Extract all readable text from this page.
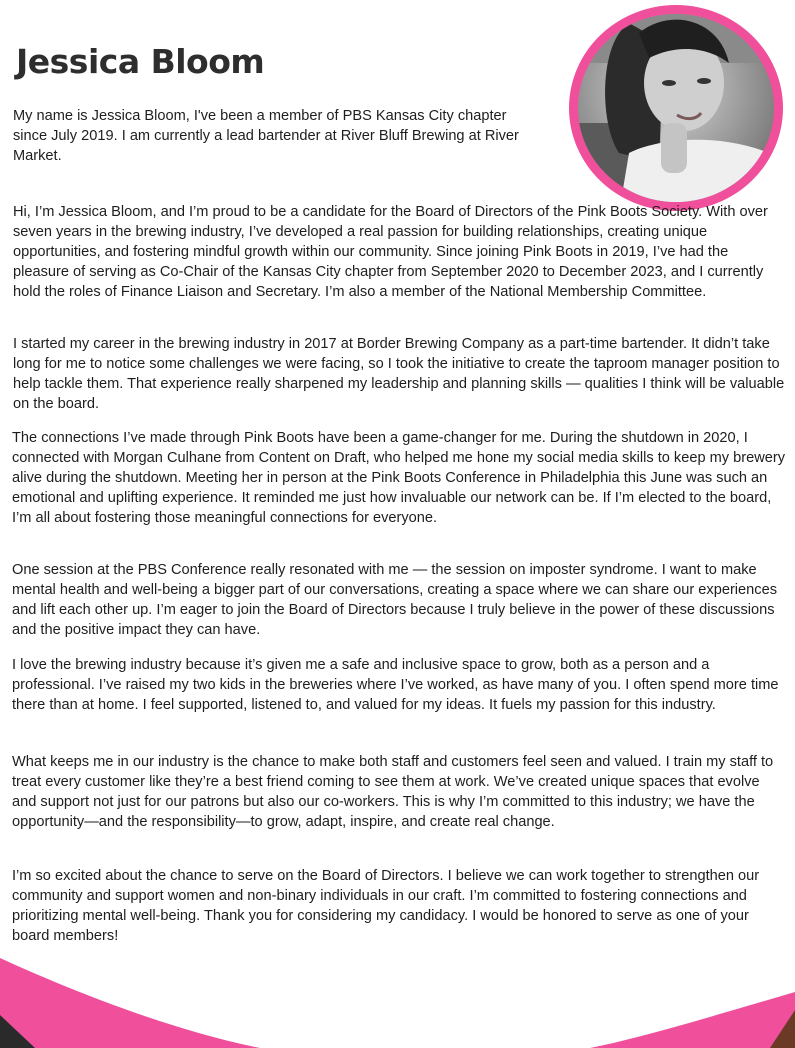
Jessica Bloom

My name is Jessica Bloom, I've been a member of PBS Kansas City chapter since July 2019. I am currently a lead bartender at River Bluff Brewing at River Market.

Hi, I’m Jessica Bloom, and I’m proud to be a candidate for the Board of Directors of the Pink Boots Society. With over seven years in the brewing industry, I’ve developed a real passion for building relationships, creating unique opportunities, and fostering mindful growth within our community. Since joining Pink Boots in 2019, I’ve had the pleasure of serving as Co-Chair of the Kansas City chapter from September 2020 to December 2023, and I currently hold the roles of Finance Liaison and Secretary. I’m also a member of the National Membership Committee.

I started my career in the brewing industry in 2017 at Border Brewing Company as a part-time bartender. It didn’t take long for me to notice some challenges we were facing, so I took the initiative to create the taproom manager position to help tackle them. That experience really sharpened my leadership and planning skills — qualities I think will be valuable on the board.

The connections I’ve made through Pink Boots have been a game-changer for me. During the shutdown in 2020, I connected with Morgan Culhane from Content on Draft, who helped me hone my social media skills to keep my brewery alive during the shutdown. Meeting her in person at the Pink Boots Conference in Philadelphia this June was such an emotional and uplifting experience. It reminded me just how invaluable our network can be. If I’m elected to the board, I’m all about fostering those meaningful connections for everyone.

One session at the PBS Conference really resonated with me — the session on imposter syndrome. I want to make mental health and well-being a bigger part of our conversations, creating a space where we can share our experiences and lift each other up. I’m eager to join the Board of Directors because I truly believe in the power of these discussions and the positive impact they can have.

I love the brewing industry because it’s given me a safe and inclusive space to grow, both as a person and a professional. I’ve raised my two kids in the breweries where I’ve worked, as have many of you. I often spend more time there than at home. I feel supported, listened to, and valued for my ideas. It fuels my passion for this industry.

What keeps me in our industry is the chance to make both staff and customers feel seen and valued. I train my staff to treat every customer like they’re a best friend coming to see them at work. We’ve created unique spaces that evolve and support not just for our patrons but also our co-workers. This is why I’m committed to this industry; we have the opportunity—and the responsibility—to grow, adapt, inspire, and create real change.

I’m so excited about the chance to serve on the Board of Directors. I believe we can work together to strengthen our community and support women and non-binary individuals in our craft. I’m committed to fostering connections and prioritizing mental well-being. Thank you for considering my candidacy. I would be honored to serve as one of your board members!
